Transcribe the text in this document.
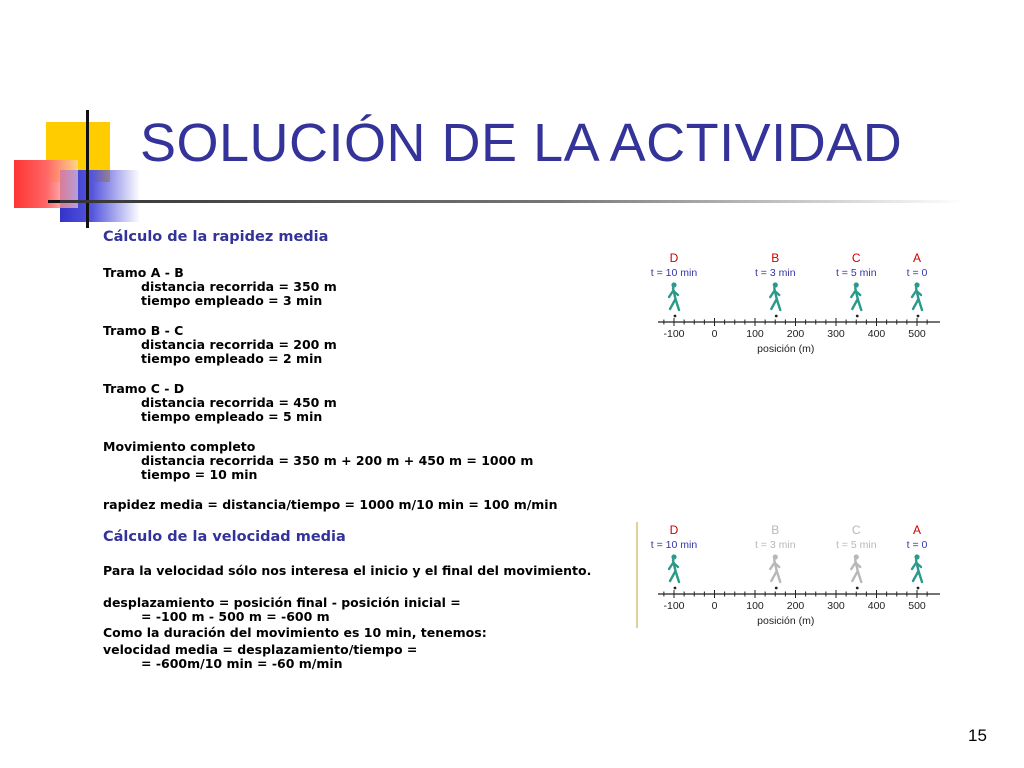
SOLUCIÓN DE LA ACTIVIDAD
Cálculo de la rapidez media
Tramo A - B
distancia recorrida = 350 m
tiempo empleado = 3 min
Tramo B - C
distancia recorrida = 200 m
tiempo empleado = 2 min
Tramo C - D
distancia recorrida = 450 m
tiempo empleado = 5 min
Movimiento completo
distancia recorrida = 350 m + 200 m + 450 m = 1000 m
tiempo = 10 min
rapidez media = distancia/tiempo = 1000 m/10 min = 100 m/min
Cálculo de la velocidad media
Para la velocidad sólo nos interesa el inicio y el final del movimiento.
desplazamiento = posición final - posición inicial =
= -100 m - 500 m = -600 m
Como la duración del movimiento es 10 min, tenemos:
velocidad media = desplazamiento/tiempo =
= -600m/10 min = -60 m/min
-100	0	100 200 300 400 500
posición (m)
D
t = 10 min
B
t = 3 min
C
t = 5 min
A
t = 0
-100	0	100 200 300 400 500
posición (m)
D
t = 10 min
B
t = 3 min
C
t = 5 min
A
t = 0
15
